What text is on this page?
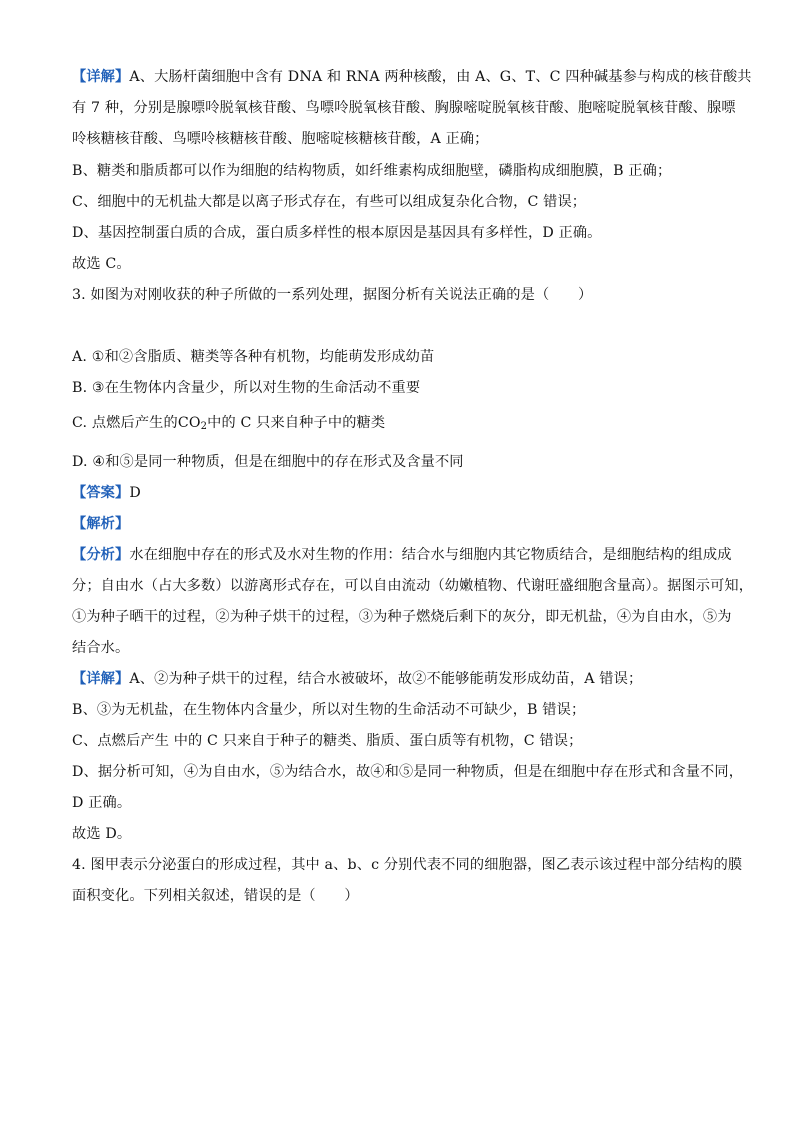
【详解】A、大肠杆菌细胞中含有 DNA 和 RNA 两种核酸，由 A、G、T、C 四种碱基参与构成的核苷酸共
有 7 种，分别是腺嘌呤脱氧核苷酸、鸟嘌呤脱氧核苷酸、胸腺嘧啶脱氧核苷酸、胞嘧啶脱氧核苷酸、腺嘌
呤核糖核苷酸、鸟嘌呤核糖核苷酸、胞嘧啶核糖核苷酸，A 正确；
B、糖类和脂质都可以作为细胞的结构物质，如纤维素构成细胞壁，磷脂构成细胞膜，B 正确；
C、细胞中的无机盐大都是以离子形式存在，有些可以组成复杂化合物，C 错误；
D、基因控制蛋白质的合成，蛋白质多样性的根本原因是基因具有多样性，D 正确。
故选 C。
3. 如图为对刚收获的种子所做的一系列处理，据图分析有关说法正确的是（　　）
A. ①和②含脂质、糖类等各种有机物，均能萌发形成幼苗
B. ③在生物体内含量少，所以对生物的生命活动不重要
C. 点燃后产生的$CO_2$中的 C 只来自种子中的糖类
D. ④和⑤是同一种物质，但是在细胞中的存在形式及含量不同
【答案】D
【解析】
【分析】水在细胞中存在的形式及水对生物的作用：结合水与细胞内其它物质结合，是细胞结构的组成成
分；自由水（占大多数）以游离形式存在，可以自由流动（幼嫩植物、代谢旺盛细胞含量高）。据图示可知，
①为种子晒干的过程，②为种子烘干的过程，③为种子燃烧后剩下的灰分，即无机盐，④为自由水，⑤为
结合水。
【详解】A、②为种子烘干的过程，结合水被破坏，故②不能够能萌发形成幼苗，A 错误；
B、③为无机盐，在生物体内含量少，所以对生物的生命活动不可缺少，B 错误；
C、点燃后产生 中的 C 只来自于种子的糖类、脂质、蛋白质等有机物，C 错误；
D、据分析可知，④为自由水，⑤为结合水，故④和⑤是同一种物质，但是在细胞中存在形式和含量不同，
D 正确。
故选 D。
4. 图甲表示分泌蛋白的形成过程，其中 a、b、c 分别代表不同的细胞器，图乙表示该过程中部分结构的膜
面积变化。下列相关叙述，错误的是（　　）
